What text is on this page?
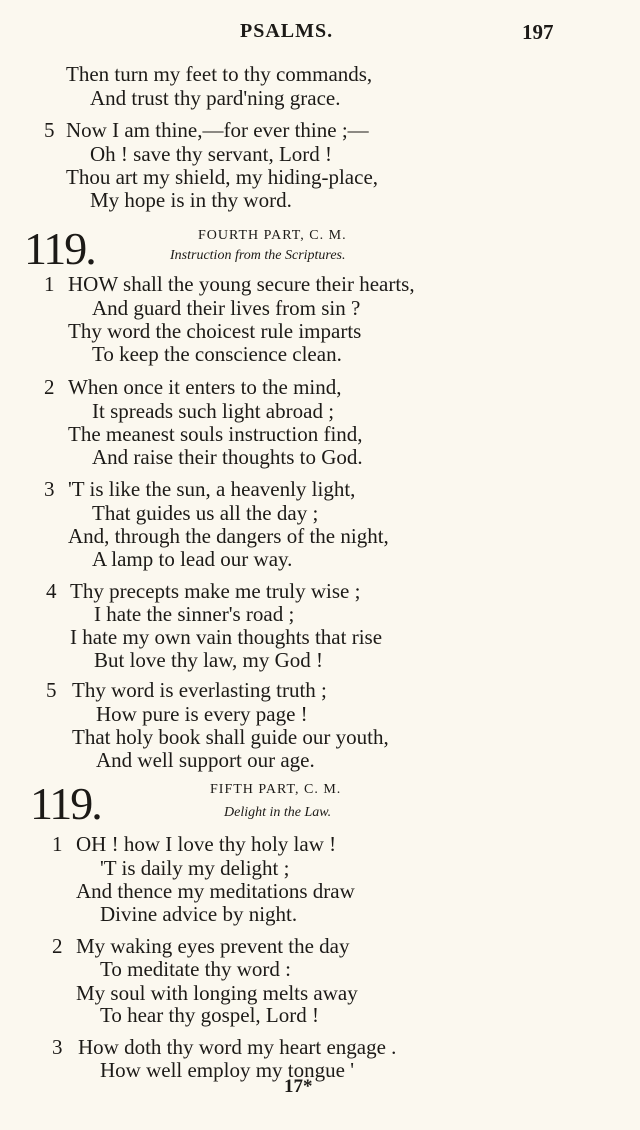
PSALMS.	197
Then turn my feet to thy commands,
And trust thy pard'ning grace.
5 Now I am thine,—for ever thine ;—
Oh ! save thy servant, Lord !
Thou art my shield, my hiding-place,
My hope is in thy word.
119.	FOURTH PART, C. M.
Instruction from the Scriptures.
1 HOW shall the young secure their hearts,
And guard their lives from sin ?
Thy word the choicest rule imparts
To keep the conscience clean.
2 When once it enters to the mind,
It spreads such light abroad ;
The meanest souls instruction find,
And raise their thoughts to God.
3 'T is like the sun, a heavenly light,
That guides us all the day ;
And, through the dangers of the night,
A lamp to lead our way.
4 Thy precepts make me truly wise ;
I hate the sinner's road ;
I hate my own vain thoughts that rise
But love thy law, my God !
5 Thy word is everlasting truth ;
How pure is every page !
That holy book shall guide our youth,
And well support our age.
119.	FIFTH PART, C. M.
Delight in the Law.
1 OH ! how I love thy holy law !
'T is daily my delight ;
And thence my meditations draw
Divine advice by night.
2 My waking eyes prevent the day
To meditate thy word :
My soul with longing melts away
To hear thy gospel, Lord !
3 How doth thy word my heart engage .
How well employ my tongue '
17*
